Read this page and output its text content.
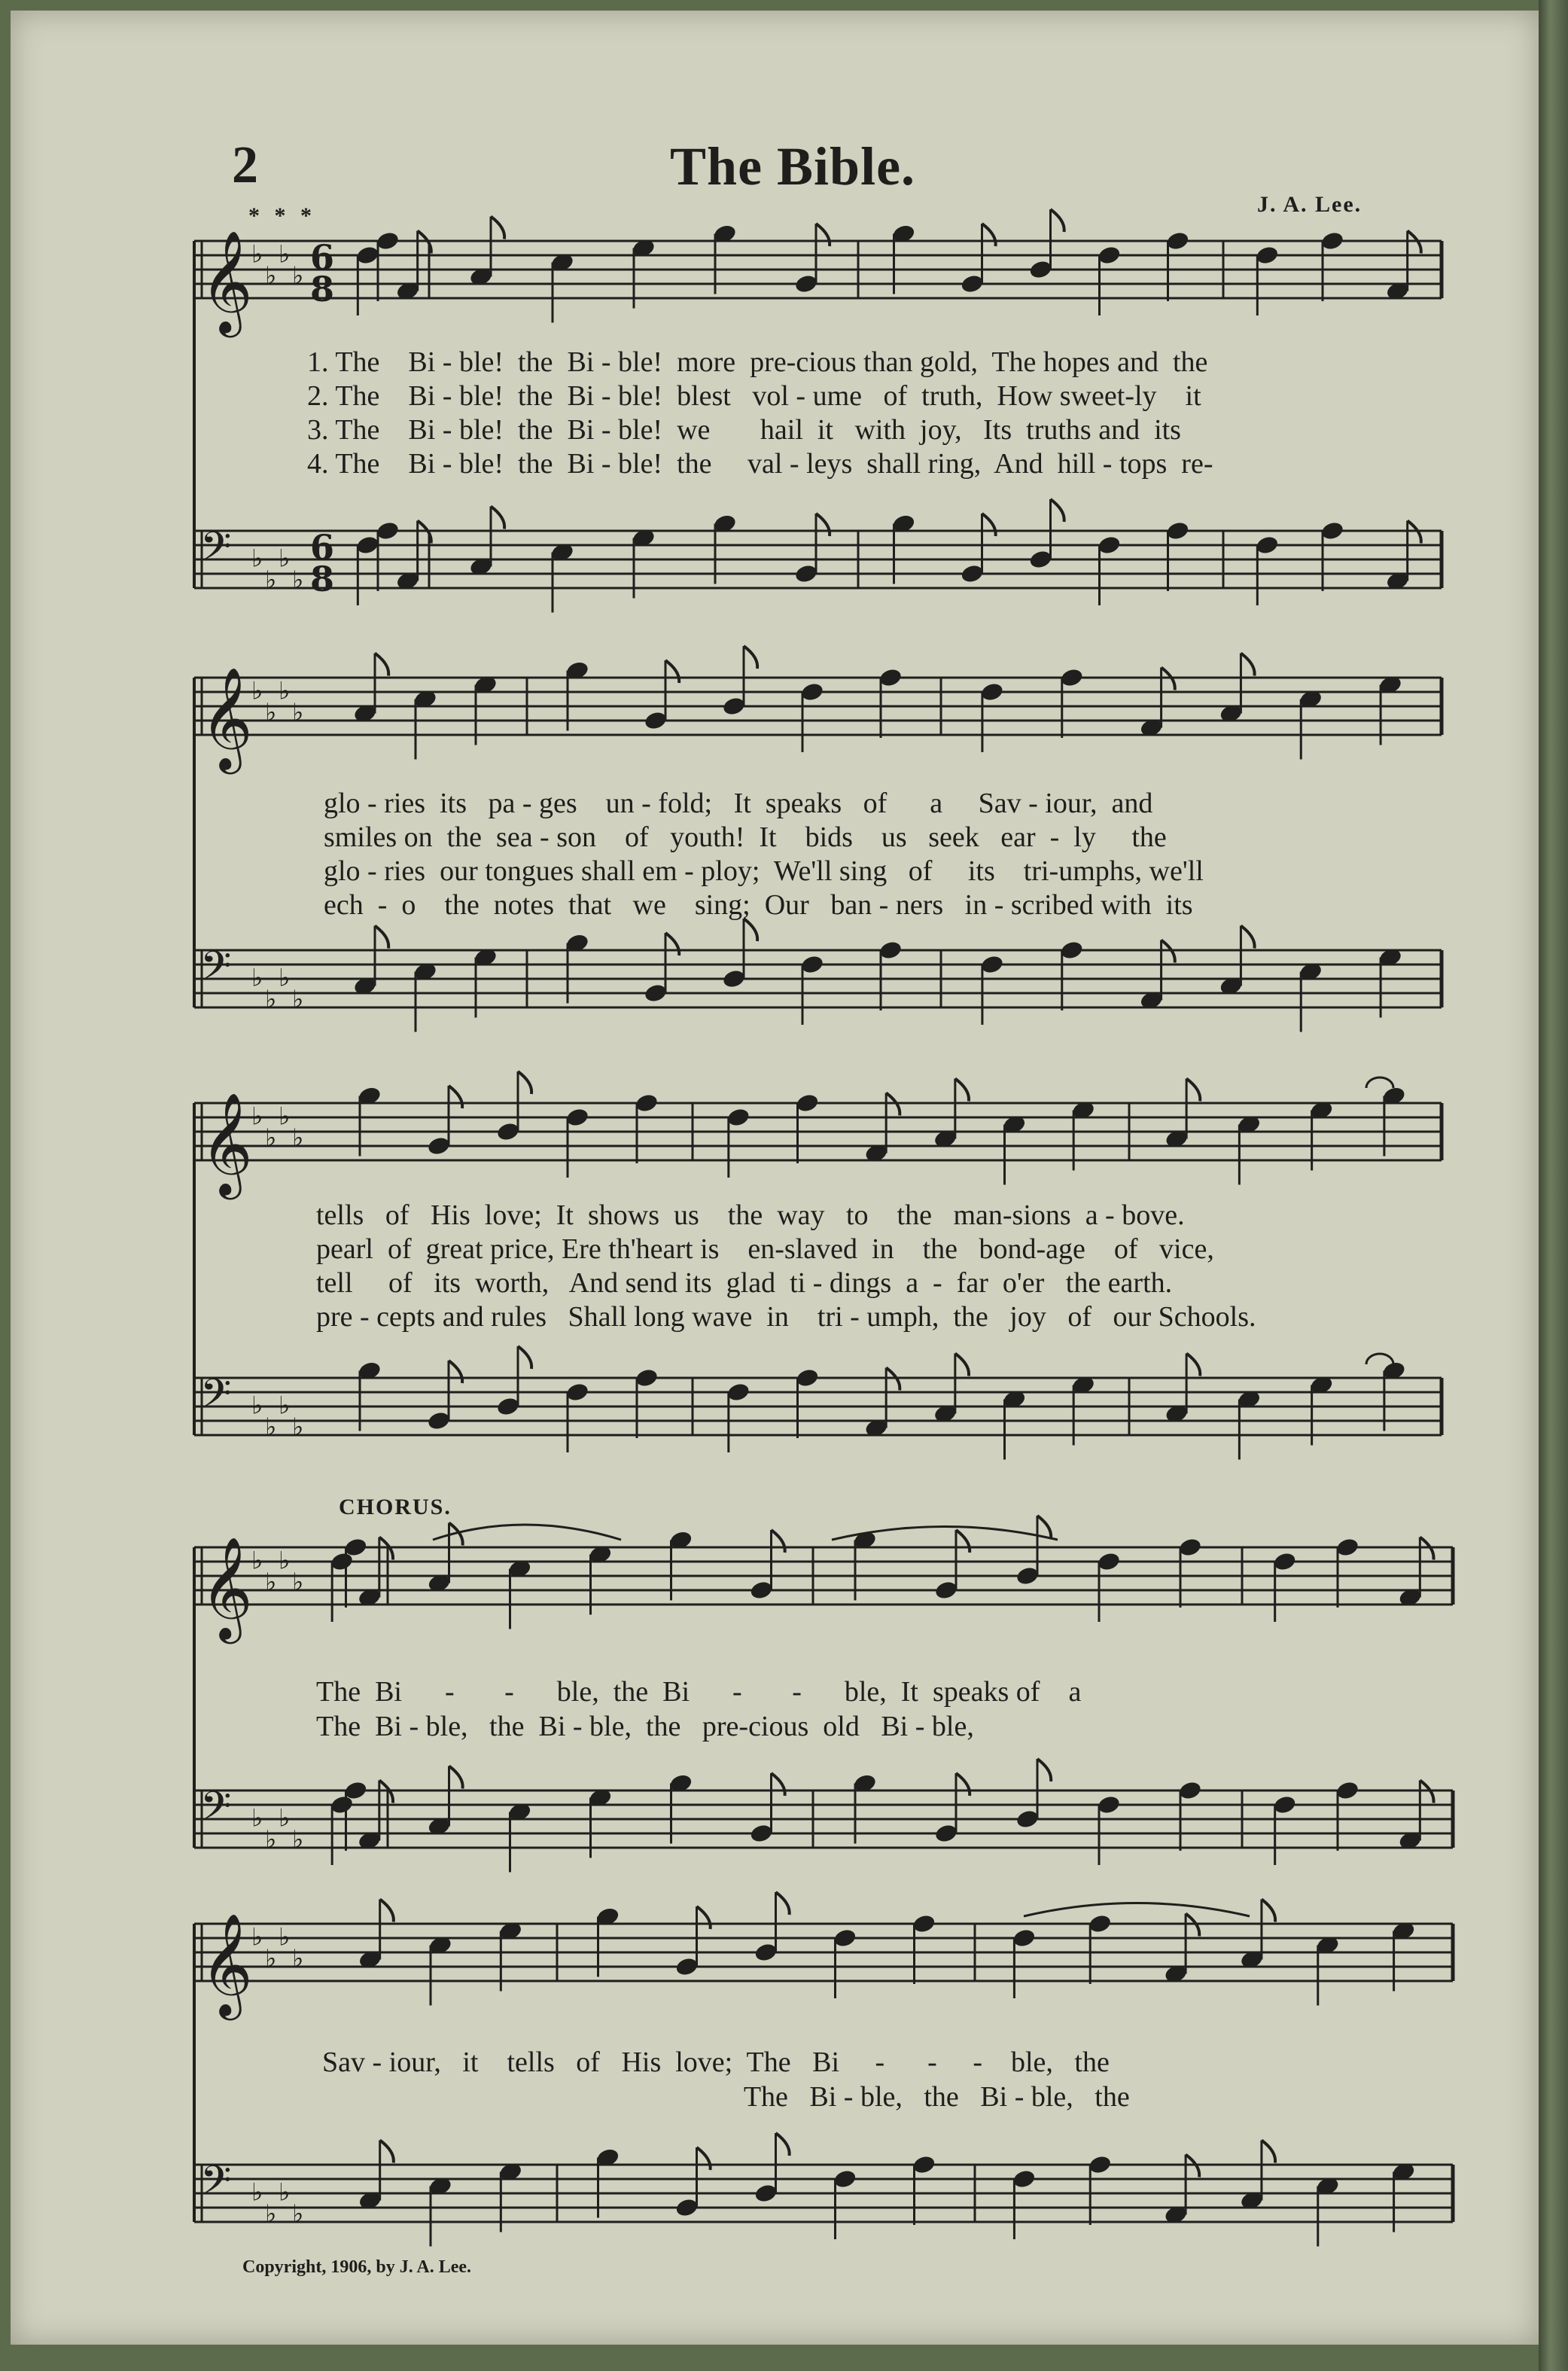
2	The Bible.
J. A. Lee.
* * *
𝄞
𝄢
♭
♭
♭
♭
♭
♭
♭
♭
6
8
6
8
𝄞
𝄢
♭
♭
♭
♭
♭
♭
♭
♭
𝄞
𝄢
♭
♭
♭
♭
♭
♭
♭
♭
𝄞
𝄢
♭
♭
♭
♭
♭
♭
♭
♭
𝄞
𝄢
♭
♭
♭
♭
♭
♭
♭
♭
1. The    Bi - ble!  the  Bi - ble!  more  pre-cious than gold,  The hopes and  the
2. The    Bi - ble!  the  Bi - ble!  blest   vol - ume   of  truth,  How sweet-ly    it
3. The    Bi - ble!  the  Bi - ble!  we       hail  it   with  joy,   Its  truths and  its
4. The    Bi - ble!  the  Bi - ble!  the     val - leys  shall ring,  And  hill - tops  re-
glo - ries  its   pa - ges    un - fold;   It  speaks   of      a     Sav - iour,  and
smiles on  the  sea - son    of   youth!  It    bids    us   seek   ear  -  ly     the
glo - ries  our tongues shall em - ploy;  We'll sing   of     its    tri-umphs, we'll
ech  -  o    the  notes  that   we    sing;  Our   ban - ners   in - scribed with  its
tells   of   His  love;  It  shows  us    the  way   to    the   man-sions  a - bove.
pearl  of  great price, Ere th'heart is    en-slaved  in    the   bond-age    of   vice,
tell     of   its  worth,   And send its  glad  ti - dings  a  -  far  o'er   the earth.
pre - cepts and rules   Shall long wave  in    tri - umph,  the   joy   of   our Schools.
CHORUS.
The  Bi      -       -      ble,  the  Bi      -       -      ble,  It  speaks of    a
The  Bi - ble,   the  Bi - ble,  the   pre-cious  old   Bi - ble,
Sav - iour,   it    tells   of   His  love;  The   Bi     -      -     -    ble,   the
The   Bi - ble,   the   Bi - ble,   the
Copyright, 1906, by J. A. Lee.
